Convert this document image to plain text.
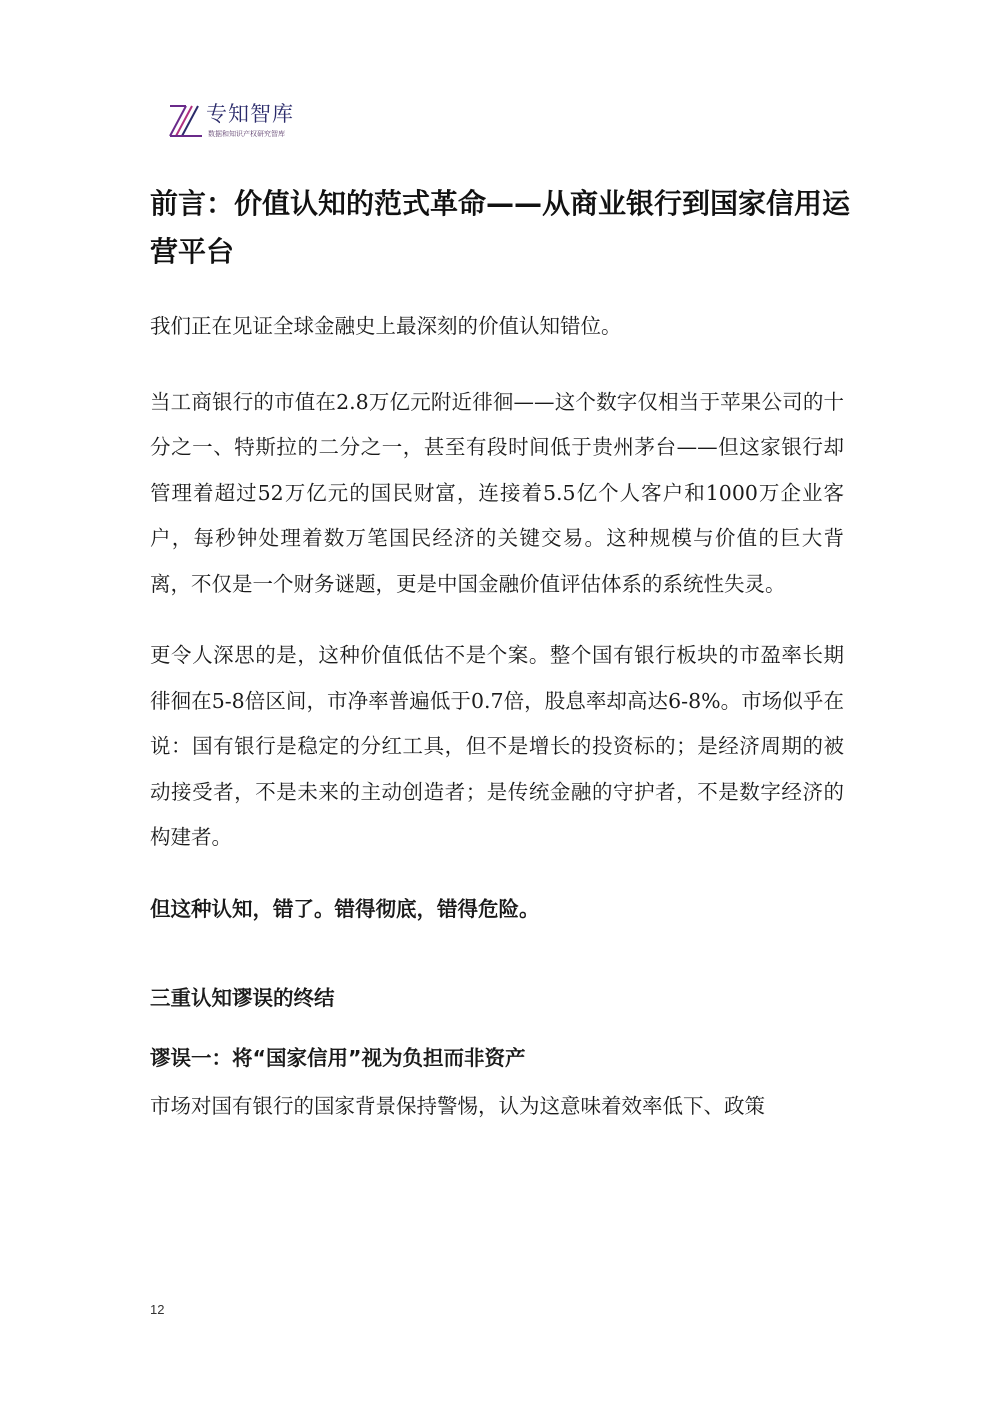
专知智库
数据和知识产权研究智库
前言：价值认知的范式革命——从商业银行到国家信用运营平台

我们正在见证全球金融史上最深刻的价值认知错位。

当工商银行的市值在2.8万亿元附近徘徊——这个数字仅相当于苹果公司的十分之一、特斯拉的二分之一，甚至有段时间低于贵州茅台——但这家银行却管理着超过52万亿元的国民财富，连接着5.5亿个人客户和1000万企业客户，每秒钟处理着数万笔国民经济的关键交易。这种规模与价值的巨大背离，不仅是一个财务谜题，更是中国金融价值评估体系的系统性失灵。

更令人深思的是，这种价值低估不是个案。整个国有银行板块的市盈率长期徘徊在5-8倍区间，市净率普遍低于0.7倍，股息率却高达6-8%。市场似乎在说：国有银行是稳定的分红工具，但不是增长的投资标的；是经济周期的被动接受者，不是未来的主动创造者；是传统金融的守护者，不是数字经济的构建者。

但这种认知，错了。错得彻底，错得危险。

三重认知谬误的终结
谬误一：将“国家信用”视为负担而非资产

市场对国有银行的国家背景保持警惕，认为这意味着效率低下、政策

12
